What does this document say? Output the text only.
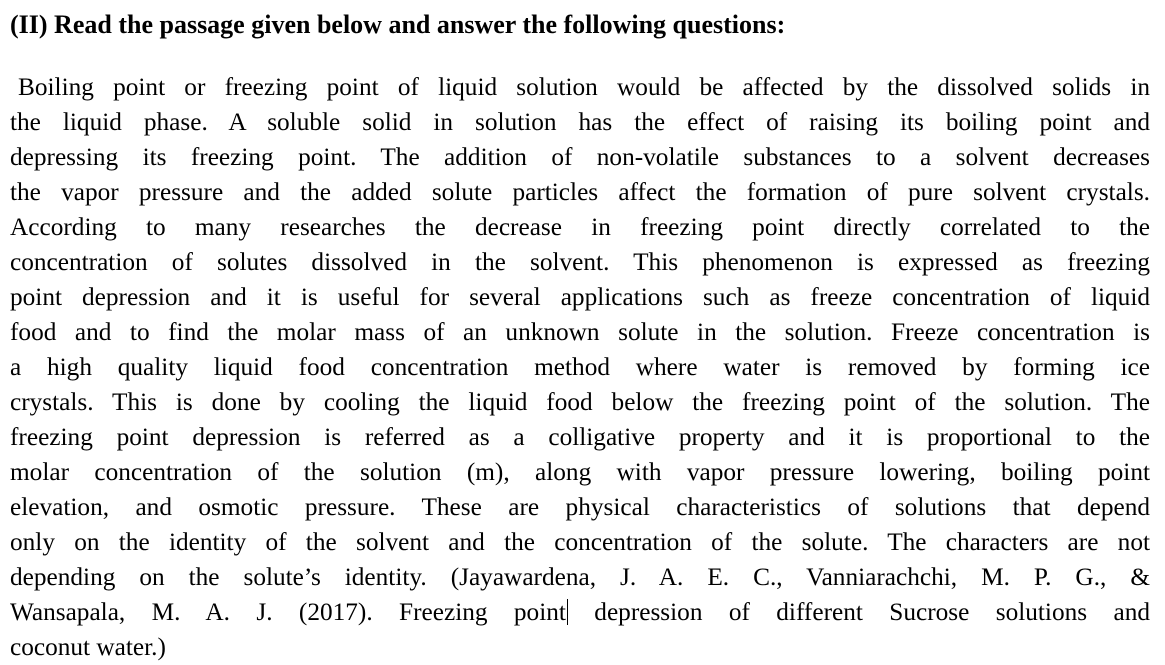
(II) Read the passage given below and answer the following questions:
Boiling point or freezing point of liquid solution would be affected by the dissolved solids in
the liquid phase. A soluble solid in solution has the effect of raising its boiling point and
depressing its freezing point. The addition of non-volatile substances to a solvent decreases
the vapor pressure and the added solute particles affect the formation of pure solvent crystals.
According to many researches the decrease in freezing point directly correlated to the
concentration of solutes dissolved in the solvent. This phenomenon is expressed as freezing
point depression and it is useful for several applications such as freeze concentration of liquid
food and to find the molar mass of an unknown solute in the solution. Freeze concentration is
a high quality liquid food concentration method where water is removed by forming ice
crystals. This is done by cooling the liquid food below the freezing point of the solution. The
freezing point depression is referred as a colligative property and it is proportional to the
molar concentration of the solution (m), along with vapor pressure lowering, boiling point
elevation, and osmotic pressure. These are physical characteristics of solutions that depend
only on the identity of the solvent and the concentration of the solute. The characters are not
depending on the solute’s identity. (Jayawardena, J. A. E. C., Vanniarachchi, M. P. G., &
Wansapala, M. A. J. (2017). Freezing point depression of different Sucrose solutions and
coconut water.)
